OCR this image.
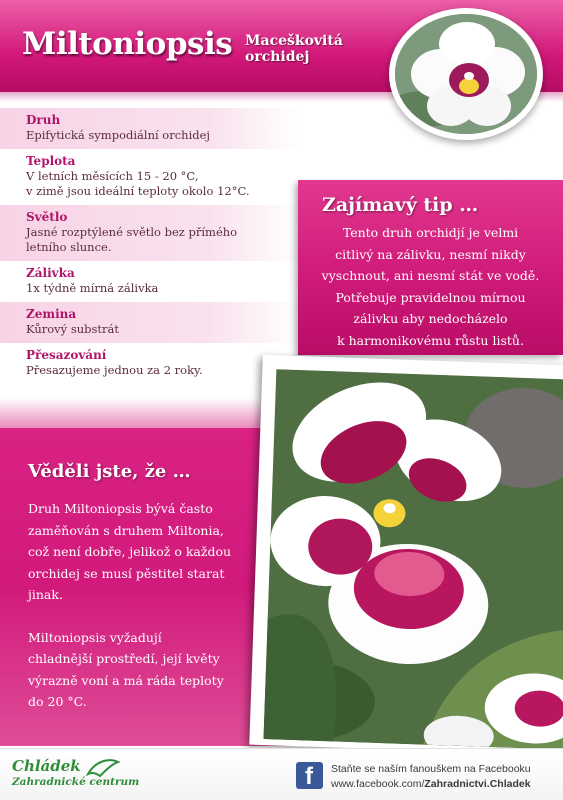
Miltoniopsis Maceškovitá
orchidej
Druh
Epifytická sympodiální orchidej
Teplota
V letních měsících 15 - 20 °C,
v zimě jsou ideální teploty okolo 12°C.
Světlo
Jasné rozptýlené světlo bez přímého
letního slunce.
Zálivka
1x týdně mírná zálivka
Zemina
Kůrový substrát
Přesazování
Přesazujeme jednou za 2 roky.
Zajímavý tip …
Tento druh orchidjí je velmi
citlivý na zálivku, nesmí nikdy
vyschnout, ani nesmí stát ve vodě.
Potřebuje pravidelnou mírnou
zálivku aby nedocházelo
k harmonikovému růstu listů.
Věděli jste, že …

Druh Miltoniopsis bývá často
zaměňován s druhem Miltonia,
což není dobře, jelikož o každou
orchidej se musí pěstitel starat
jinak.

Miltoniopsis vyžadují
chladnější prostředí, její květy
výrazně voní a má ráda teploty
do 20 °C.

Chládek
Zahradnické centrum	f Staňte se naším fanouškem na Facebooku
www.facebook.com/Zahradnictvi.Chladek
